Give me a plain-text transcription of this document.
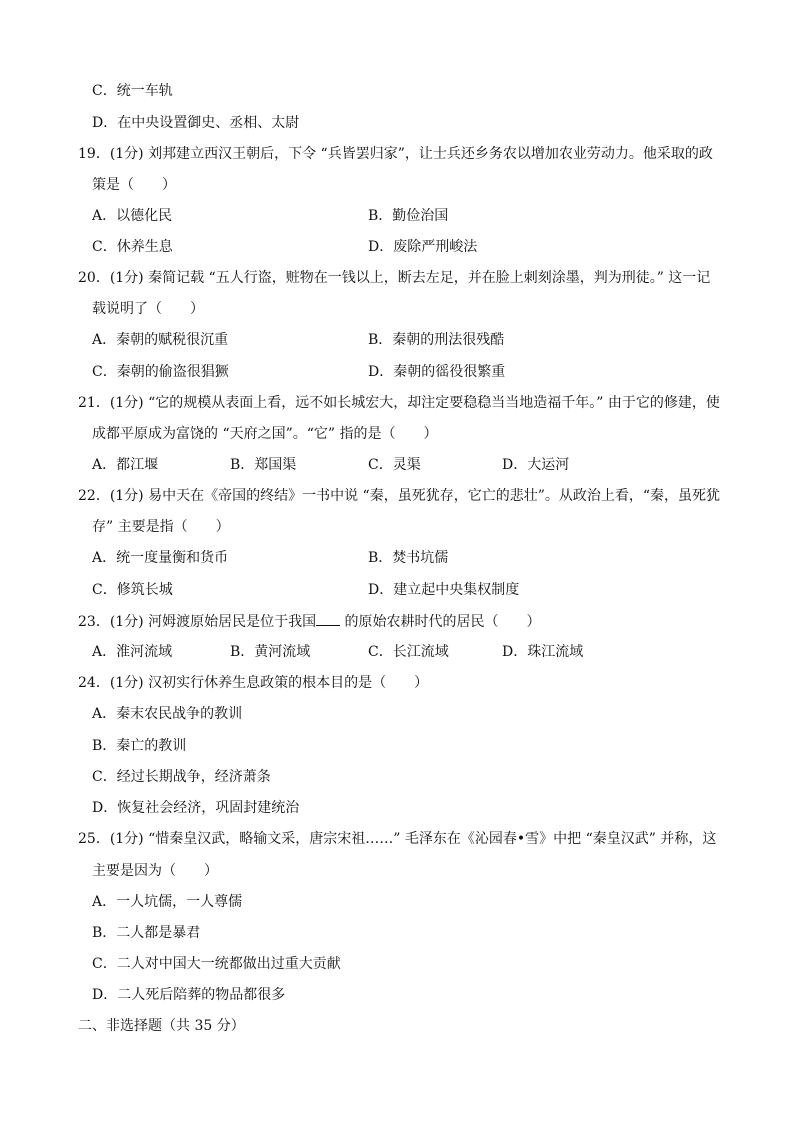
C．统一车轨
D．在中央设置御史、丞相、太尉
19．(1分) 刘邦建立西汉王朝后，下令 “兵皆罢归家”，让士兵还乡务农以增加农业劳动力。他采取的政
策是（　　）
A．以德化民	B．勤俭治国
C．休养生息	D．废除严刑峻法
20．(1分) 秦简记载 “五人行盗，赃物在一钱以上，断去左足，并在脸上刺刻涂墨，判为刑徒。” 这一记
载说明了（　　）
A．秦朝的赋税很沉重	B．秦朝的刑法很残酷
C．秦朝的偷盗很猖獗	D．秦朝的徭役很繁重
21．(1分) “它的规模从表面上看，远不如长城宏大，却注定要稳稳当当地造福千年。” 由于它的修建，使
成都平原成为富饶的 “天府之国”。“它” 指的是（　　）
A．都江堰	B．郑国渠	C．灵渠	D．大运河
22．(1分) 易中天在《帝国的终结》一书中说 “秦，虽死犹存，它亡的悲壮”。从政治上看，“秦，虽死犹
存” 主要是指（　　）
A．统一度量衡和货币	B．焚书坑儒
C．修筑长城	D．建立起中央集权制度
23．(1分) 河姆渡原始居民是位于我国 的原始农耕时代的居民（　　）
A．淮河流域	B．黄河流域	C．长江流域	D．珠江流域
24．(1分) 汉初实行休养生息政策的根本目的是（　　）
A．秦末农民战争的教训
B．秦亡的教训
C．经过长期战争，经济萧条
D．恢复社会经济，巩固封建统治
25．(1分) “惜秦皇汉武，略输文采，唐宗宋祖……” 毛泽东在《沁园春•雪》中把 “秦皇汉武” 并称，这
主要是因为（　　）
A．一人坑儒，一人尊儒
B．二人都是暴君
C．二人对中国大一统都做出过重大贡献
D．二人死后陪葬的物品都很多
二、非选择题（共 35 分）
